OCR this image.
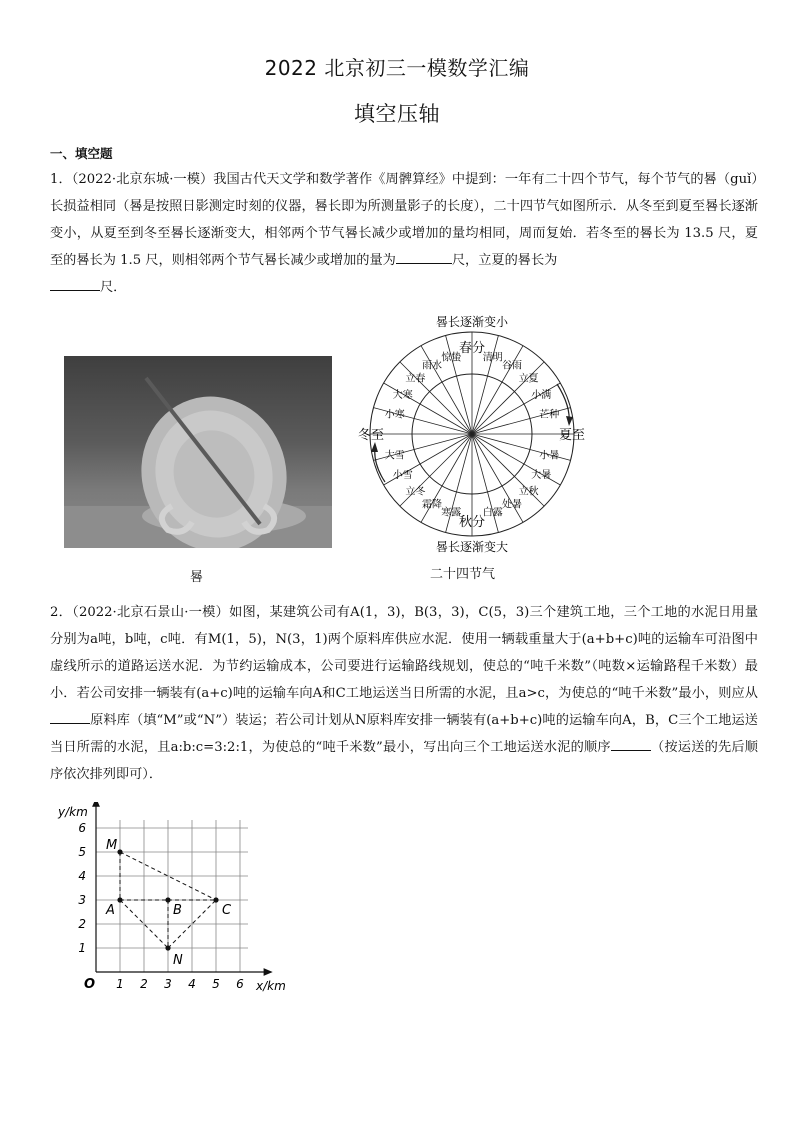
2022 北京初三一模数学汇编
填空压轴
一、填空题
1．（2022·北京东城·一模）我国古代天文学和数学著作《周髀算经》中提到：一年有二十四个节气，每个节气的晷（guǐ）长损益相同（晷是按照日影测定时刻的仪器，晷长即为所测量影子的长度），二十四节气如图所示．从冬至到夏至晷长逐渐变小，从夏至到冬至晷长逐渐变大，相邻两个节气晷长减少或增加的量均相同，周而复始．若冬至的晷长为 13.5 尺，夏至的晷长为 1.5 尺，则相邻两个节气晷长减少或增加的量为	尺，立夏的晷长为
尺．
晷
晷长逐渐变小
晷长逐渐变大
春分
秋分
冬至	夏至
清明
谷雨
立夏
小满
芒种
小暑
大暑
立秋
处暑
白露
寒露
霜降
立冬
小雪
大雪
小寒
大寒
立春
雨水
惊蛰
二十四节气
2．（2022·北京石景山·一模）如图，某建筑公司有A(1，3)，B(3，3)，C(5，3)三个建筑工地，三个工地的水泥日用量分别为a吨，b吨，c吨．有M(1，5)，N(3，1)两个原料库供应水泥．使用一辆载重量大于(a+b+c)吨的运输车可沿图中虚线所示的道路运送水泥．为节约运输成本，公司要进行运输路线规划，使总的“吨千米数”（吨数×运输路程千米数）最小．若公司安排一辆装有(a+c)吨的运输车向A和C工地运送当日所需的水泥，且a>c，为使总的“吨千米数”最小，则应从原料库（填“M”或“N”）装运；若公司计划从N原料库安排一辆装有(a+b+c)吨的运输车向A，B，C三个工地运送当日所需的水泥，且a:b:c=3:2:1，为使总的“吨千米数”最小，写出向三个工地运送水泥的顺序	（按运送的先后顺序依次排列即可）．
1 2 3 4 5 6
1
2
3
4
5
6
M
A	B	C
N
y/km
x/km
O
